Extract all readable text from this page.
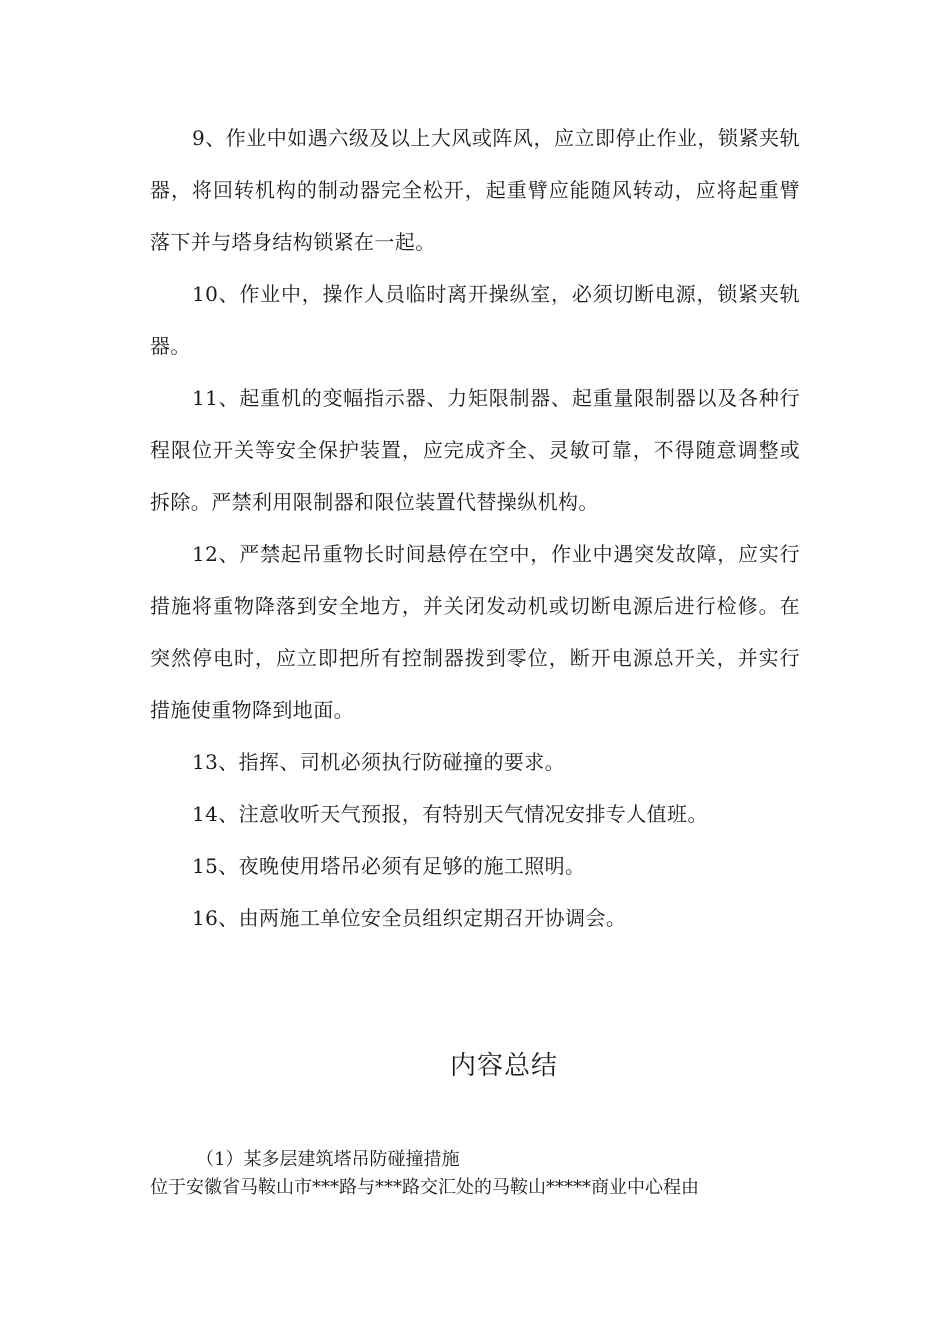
9、作业中如遇六级及以上大风或阵风，应立即停止作业，锁紧夹轨器，将回转机构的制动器完全松开，起重臂应能随风转动，应将起重臂落下并与塔身结构锁紧在一起。

10、作业中，操作人员临时离开操纵室，必须切断电源，锁紧夹轨器。

11、起重机的变幅指示器、力矩限制器、起重量限制器以及各种行程限位开关等安全保护装置，应完成齐全、灵敏可靠，不得随意调整或拆除。严禁利用限制器和限位装置代替操纵机构。

12、严禁起吊重物长时间悬停在空中，作业中遇突发故障，应实行措施将重物降落到安全地方，并关闭发动机或切断电源后进行检修。在突然停电时，应立即把所有控制器拨到零位，断开电源总开关，并实行措施使重物降到地面。

13、指挥、司机必须执行防碰撞的要求。

14、注意收听天气预报，有特别天气情况安排专人值班。

15、夜晚使用塔吊必须有足够的施工照明。

16、由两施工单位安全员组织定期召开协调会。

内容总结

（1）某多层建筑塔吊防碰撞措施

位于安徽省马鞍山市***路与***路交汇处的马鞍山*****商业中心程由
